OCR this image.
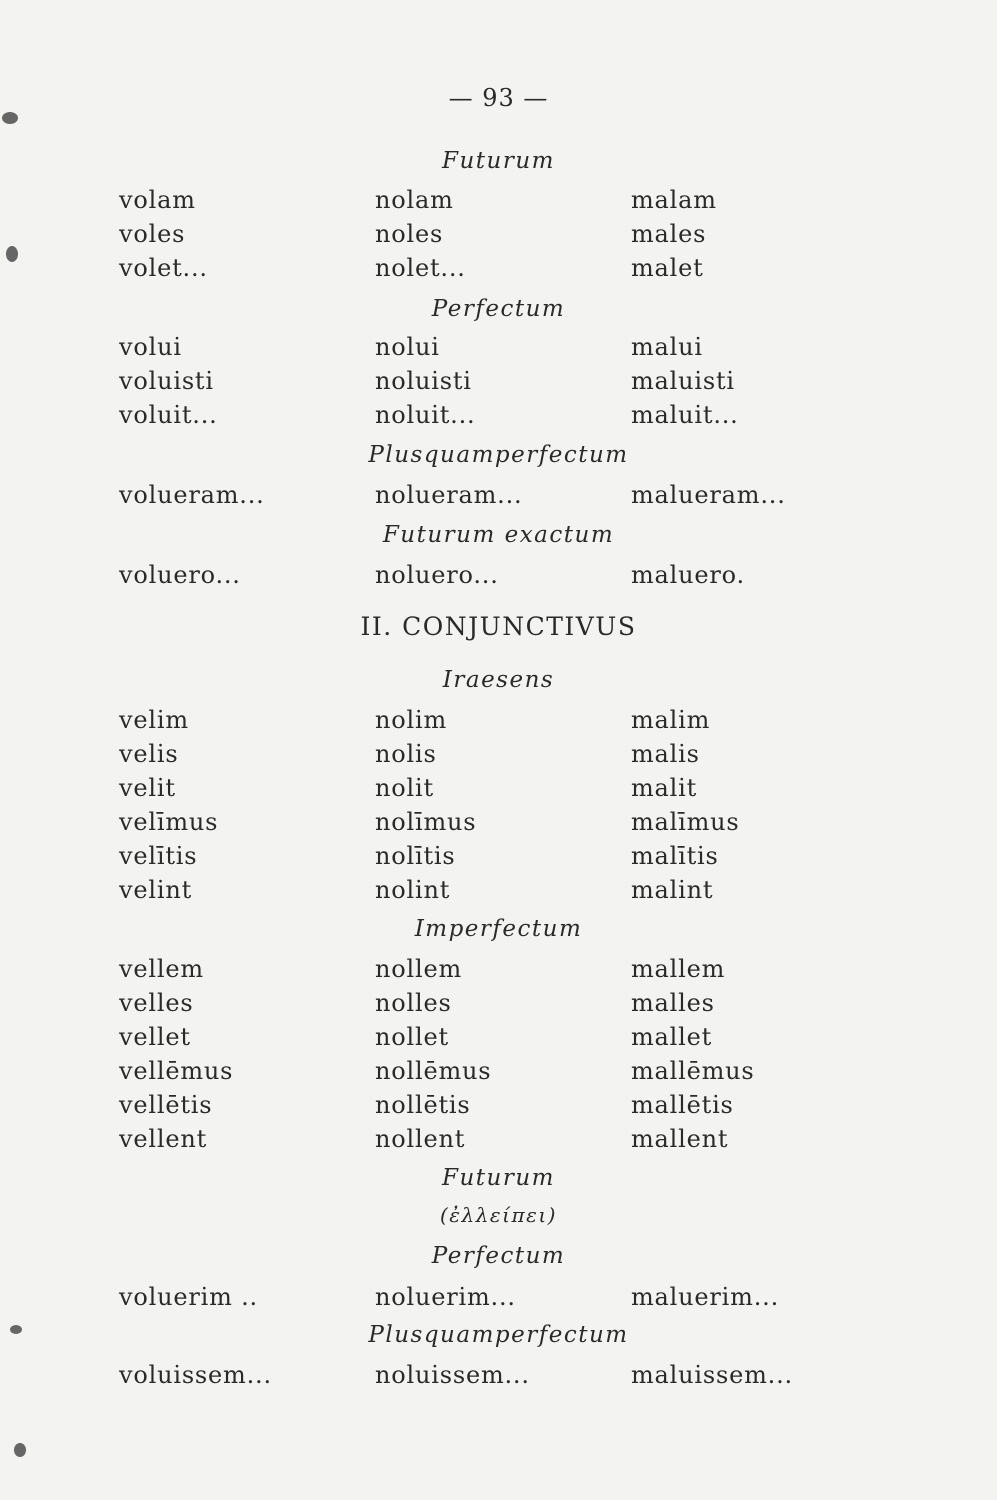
— 93 —
Futurum
volam	nolam	malam
voles	noles	males
volet...	nolet...	malet
Perfectum
volui	nolui	malui
voluisti	noluisti	maluisti
voluit...	noluit...	maluit...
Plusquamperfectum
volueram...	nolueram...	malueram...
Futurum exactum
voluero...	noluero...	maluero.
II. CONJUNCTIVUS
Iraesens
velim	nolim	malim
velis	nolis	malis
velit	nolit	malit
velīmus	nolīmus	malīmus
velītis	nolītis	malītis
velint	nolint	malint
Imperfectum
vellem	nollem	mallem
velles	nolles	malles
vellet	nollet	mallet
vellēmus	nollēmus	mallēmus
vellētis	nollētis	mallētis
vellent	nollent	mallent
Futurum
(ἐλλείπει)
Perfectum
voluerim ..	noluerim...	maluerim...
Plusquamperfectum
voluissem...	noluissem...	maluissem...
